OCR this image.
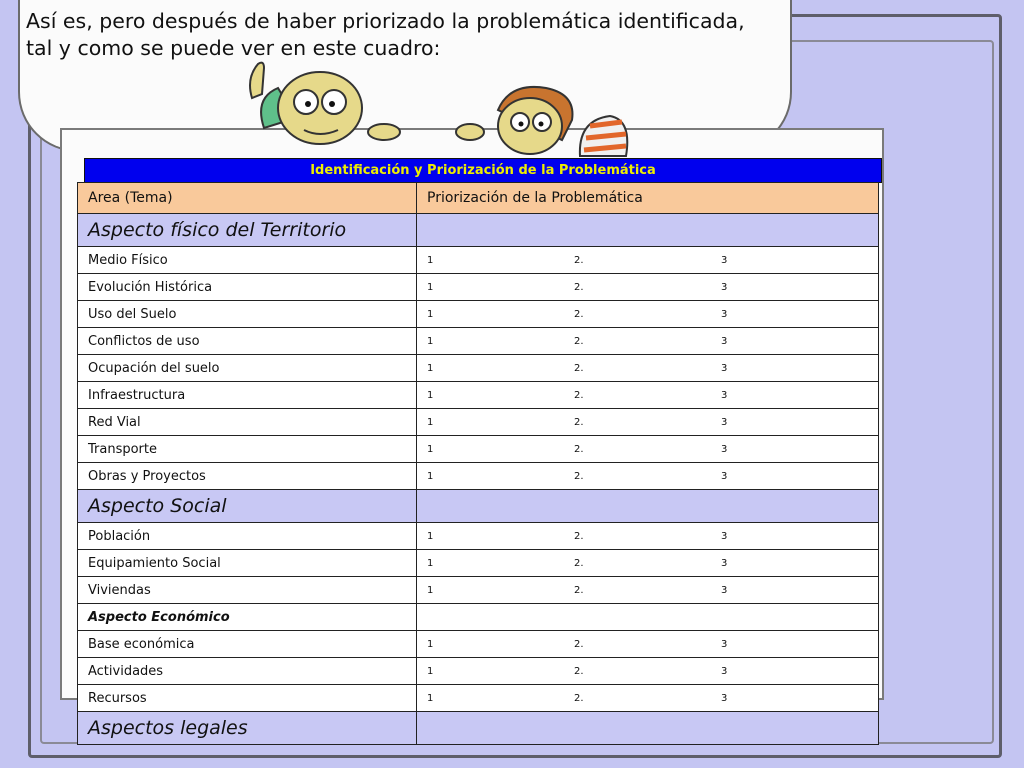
Así es, pero después de haber priorizado la problemática identificada,
tal y como se puede ver en este cuadro:
Identificación y Priorización de la Problemática
Area (Tema)	Priorización de la Problemática
Aspecto físico del Territorio	
Medio Físico	1 2. 3

Evolución Histórica	1 2. 3

Uso del Suelo	1 2. 3

Conflictos de uso	1 2. 3

Ocupación del suelo	1 2. 3

Infraestructura	1 2. 3

Red Vial	1 2. 3

Transporte	1 2. 3

Obras y Proyectos	1 2. 3

Aspecto Social	
Población	1 2. 3

Equipamiento Social	1 2. 3

Viviendas	1 2. 3

Aspecto Económico	
Base económica	1 2. 3

Actividades	1 2. 3

Recursos	1 2. 3

Aspectos legales	
